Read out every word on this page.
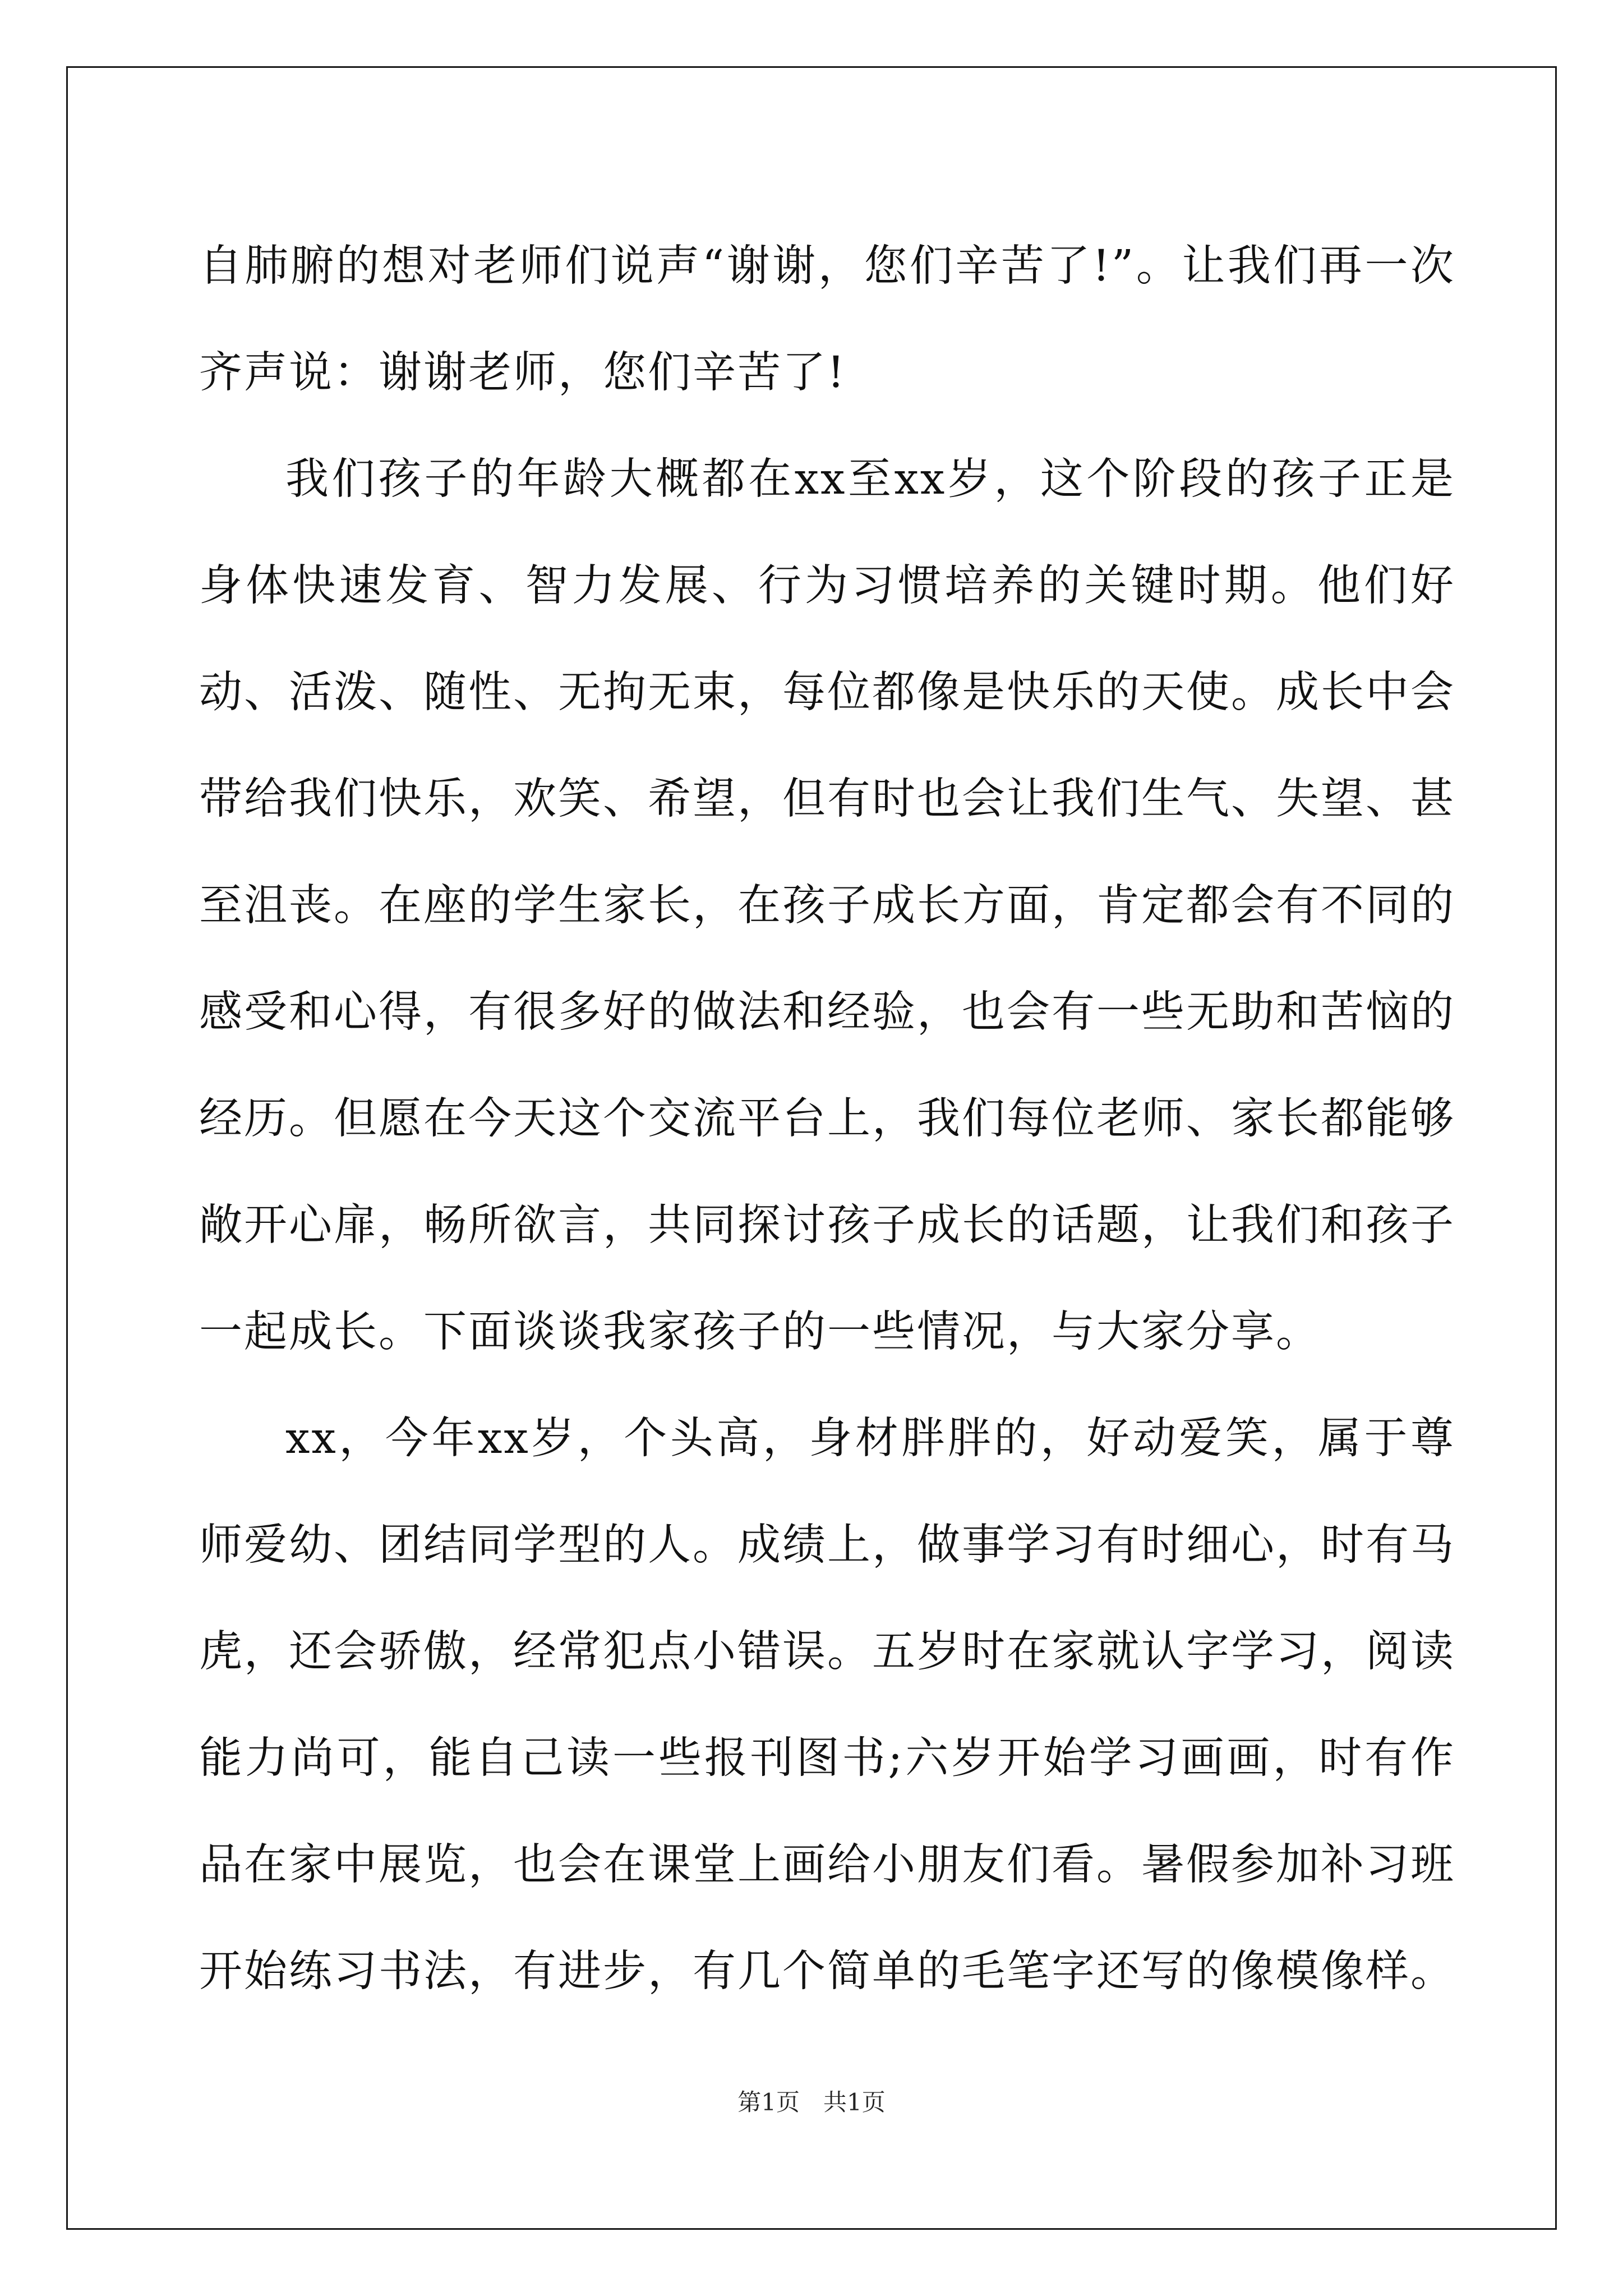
自肺腑的想对老师们说声“谢谢，您们辛苦了!”。让我们再一次齐声说：谢谢老师，您们辛苦了!

我们孩子的年龄大概都在xx至xx岁，这个阶段的孩子正是身体快速发育、智力发展、行为习惯培养的关键时期。他们好动、活泼、随性、无拘无束，每位都像是快乐的天使。成长中会带给我们快乐，欢笑、希望，但有时也会让我们生气、失望、甚至沮丧。在座的学生家长，在孩子成长方面，肯定都会有不同的感受和心得，有很多好的做法和经验，也会有一些无助和苦恼的经历。但愿在今天这个交流平台上，我们每位老师、家长都能够敞开心扉，畅所欲言，共同探讨孩子成长的话题，让我们和孩子一起成长。下面谈谈我家孩子的一些情况，与大家分享。

xx，今年xx岁，个头高，身材胖胖的，好动爱笑，属于尊师爱幼、团结同学型的人。成绩上，做事学习有时细心，时有马虎，还会骄傲，经常犯点小错误。五岁时在家就认字学习，阅读能力尚可，能自己读一些报刊图书;六岁开始学习画画，时有作品在家中展览，也会在课堂上画给小朋友们看。暑假参加补习班开始练习书法，有进步，有几个简单的毛笔字还写的像模像样。

第1页 共1页
